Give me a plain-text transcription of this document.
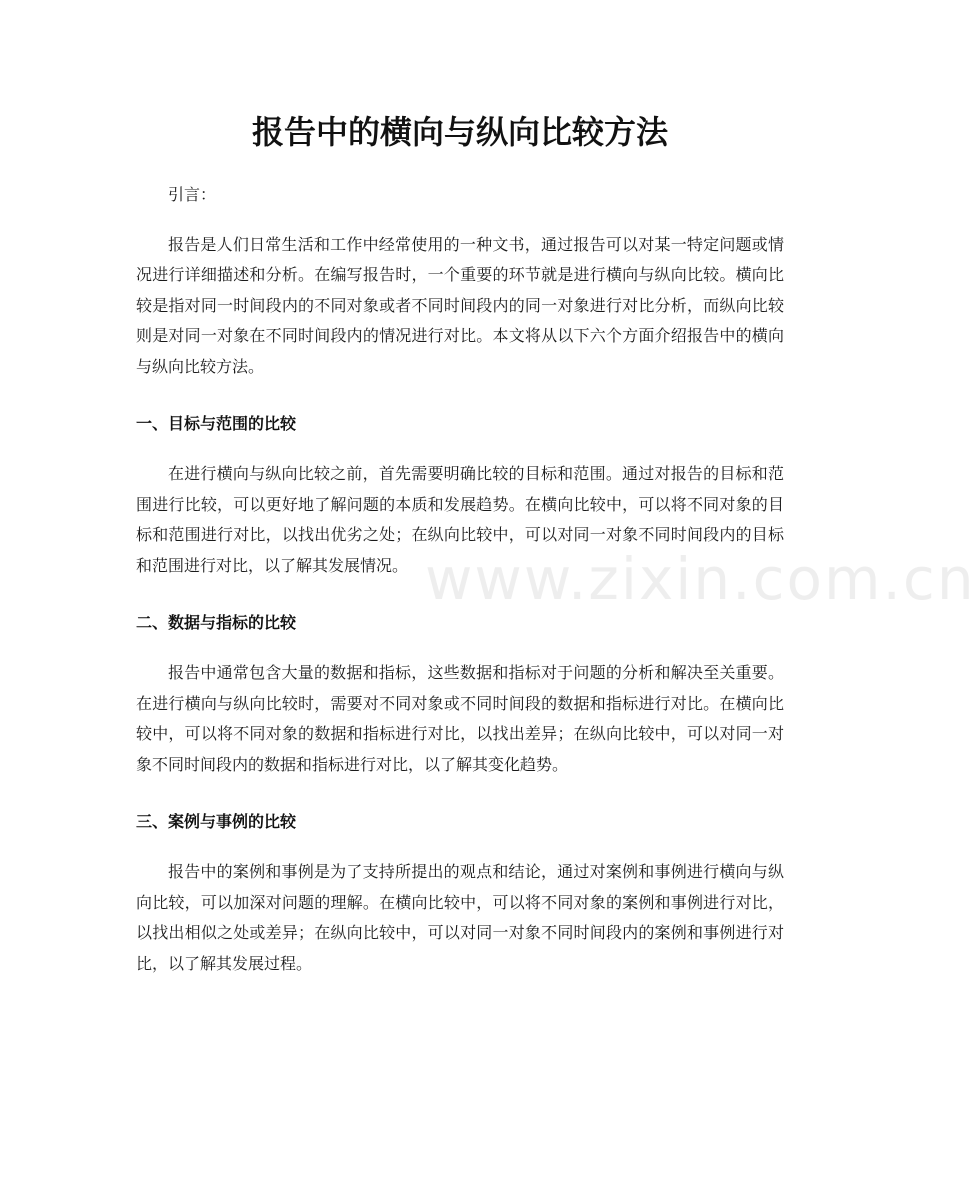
报告中的横向与纵向比较方法

引言：

报告是人们日常生活和工作中经常使用的一种文书，通过报告可以对某一特定问题或情况进行详细描述和分析。在编写报告时，一个重要的环节就是进行横向与纵向比较。横向比较是指对同一时间段内的不同对象或者不同时间段内的同一对象进行对比分析，而纵向比较则是对同一对象在不同时间段内的情况进行对比。本文将从以下六个方面介绍报告中的横向与纵向比较方法。

一、目标与范围的比较

在进行横向与纵向比较之前，首先需要明确比较的目标和范围。通过对报告的目标和范围进行比较，可以更好地了解问题的本质和发展趋势。在横向比较中，可以将不同对象的目标和范围进行对比，以找出优劣之处；在纵向比较中，可以对同一对象不同时间段内的目标和范围进行对比，以了解其发展情况。

二、数据与指标的比较

报告中通常包含大量的数据和指标，这些数据和指标对于问题的分析和解决至关重要。在进行横向与纵向比较时，需要对不同对象或不同时间段的数据和指标进行对比。在横向比较中，可以将不同对象的数据和指标进行对比，以找出差异；在纵向比较中，可以对同一对象不同时间段内的数据和指标进行对比，以了解其变化趋势。

三、案例与事例的比较

报告中的案例和事例是为了支持所提出的观点和结论，通过对案例和事例进行横向与纵向比较，可以加深对问题的理解。在横向比较中，可以将不同对象的案例和事例进行对比，以找出相似之处或差异；在纵向比较中，可以对同一对象不同时间段内的案例和事例进行对比，以了解其发展过程。

www.zixin.com.cn
